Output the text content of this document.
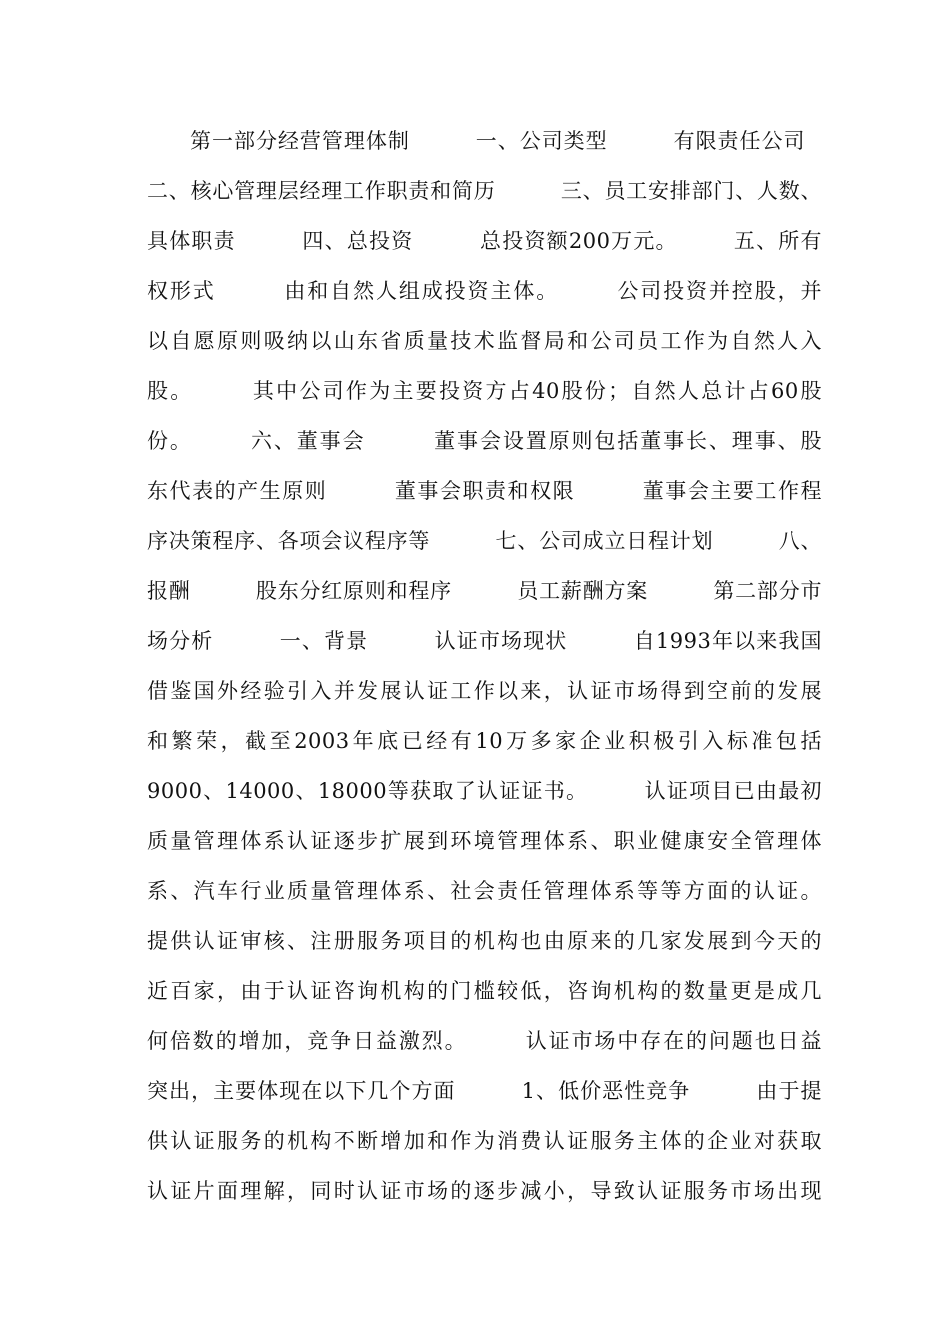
第一部分经营管理体制　　　一、公司类型　　　有限责任公司
二、核心管理层经理工作职责和简历　　　三、员工安排部门、人数、
具体职责　　　四、总投资　　　总投资额200万元。　　　五、所有
权形式　　　由和自然人组成投资主体。　　　公司投资并控股，并
以自愿原则吸纳以山东省质量技术监督局和公司员工作为自然人入
股。　　　其中公司作为主要投资方占40股份；自然人总计占60股
份。　　　六、董事会　　　董事会设置原则包括董事长、理事、股
东代表的产生原则　　　董事会职责和权限　　　董事会主要工作程
序决策程序、各项会议程序等　　　七、公司成立日程计划　　　八、
报酬　　　股东分红原则和程序　　　员工薪酬方案　　　第二部分市
场分析　　　一、背景　　　认证市场现状　　　自1993年以来我国
借鉴国外经验引入并发展认证工作以来，认证市场得到空前的发展
和繁荣，截至2003年底已经有10万多家企业积极引入标准包括
9000、14000、18000等获取了认证证书。　　　认证项目已由最初
质量管理体系认证逐步扩展到环境管理体系、职业健康安全管理体
系、汽车行业质量管理体系、社会责任管理体系等等方面的认证。
提供认证审核、注册服务项目的机构也由原来的几家发展到今天的
近百家，由于认证咨询机构的门槛较低，咨询机构的数量更是成几
何倍数的增加，竞争日益激烈。　　　认证市场中存在的问题也日益
突出，主要体现在以下几个方面　　　1、低价恶性竞争　　　由于提
供认证服务的机构不断增加和作为消费认证服务主体的企业对获取
认证片面理解，同时认证市场的逐步减小，导致认证服务市场出现
